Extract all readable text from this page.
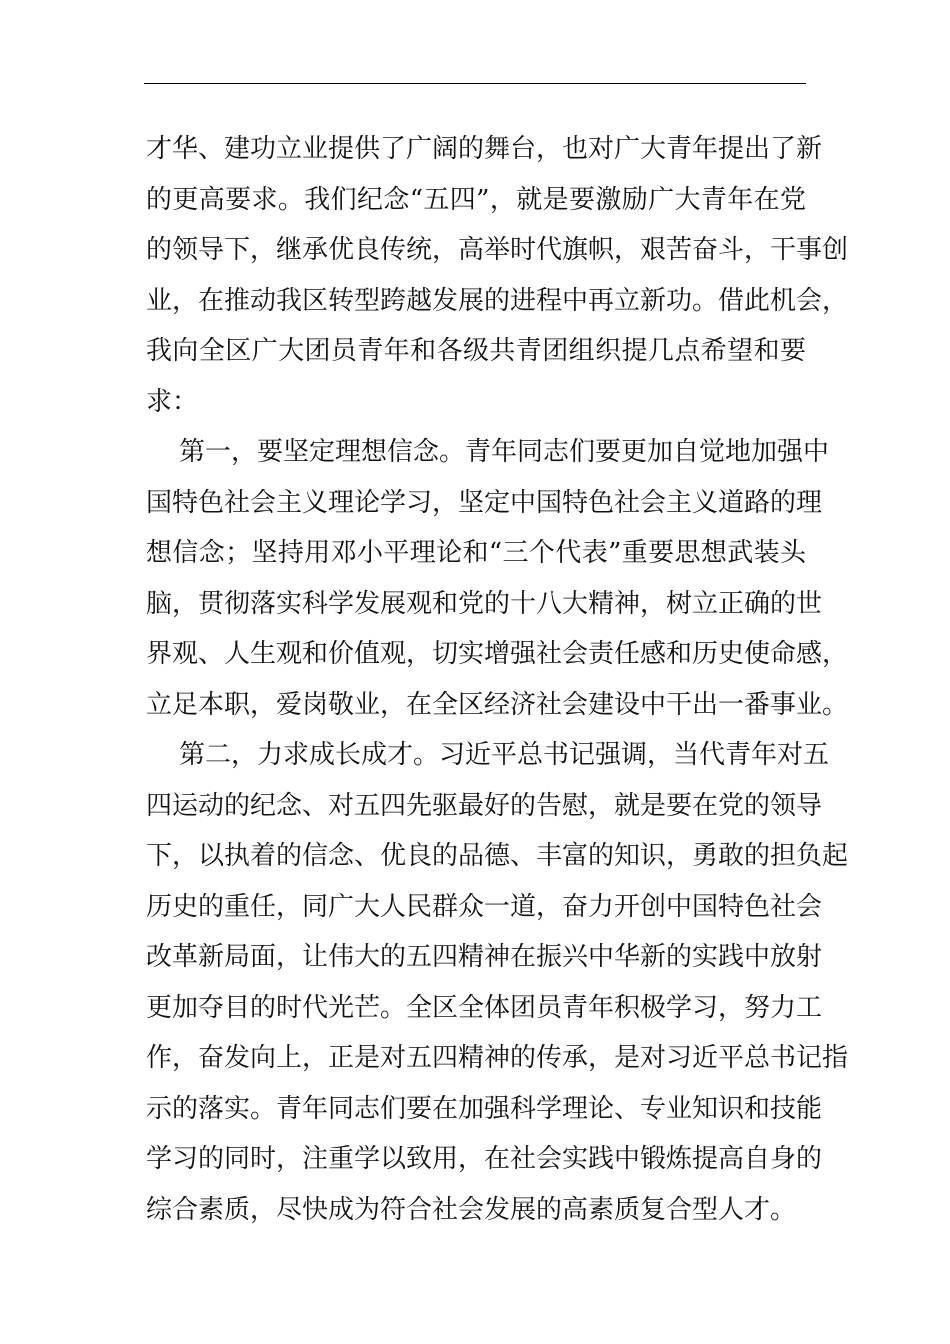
才华、建功立业提供了广阔的舞台，也对广大青年提出了新
的更高要求。我们纪念“五四”，就是要激励广大青年在党
的领导下，继承优良传统，高举时代旗帜，艰苦奋斗，干事创
业，在推动我区转型跨越发展的进程中再立新功。借此机会，
我向全区广大团员青年和各级共青团组织提几点希望和要
求：
第一，要坚定理想信念。青年同志们要更加自觉地加强中
国特色社会主义理论学习，坚定中国特色社会主义道路的理
想信念；坚持用邓小平理论和“三个代表”重要思想武装头
脑，贯彻落实科学发展观和党的十八大精神，树立正确的世
界观、人生观和价值观，切实增强社会责任感和历史使命感，
立足本职，爱岗敬业，在全区经济社会建设中干出一番事业。
第二，力求成长成才。习近平总书记强调，当代青年对五
四运动的纪念、对五四先驱最好的告慰，就是要在党的领导
下，以执着的信念、优良的品德、丰富的知识，勇敢的担负起
历史的重任，同广大人民群众一道，奋力开创中国特色社会
改革新局面，让伟大的五四精神在振兴中华新的实践中放射
更加夺目的时代光芒。全区全体团员青年积极学习，努力工
作，奋发向上，正是对五四精神的传承，是对习近平总书记指
示的落实。青年同志们要在加强科学理论、专业知识和技能
学习的同时，注重学以致用，在社会实践中锻炼提高自身的
综合素质，尽快成为符合社会发展的高素质复合型人才。
